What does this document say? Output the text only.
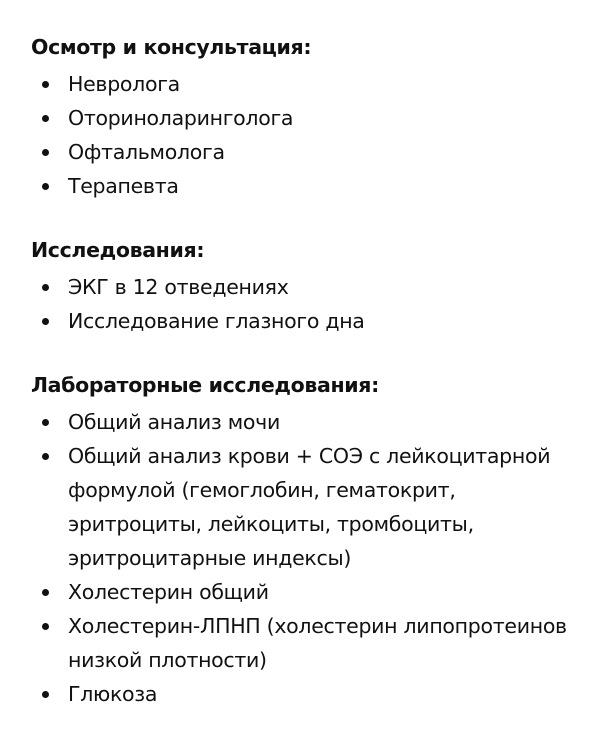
Осмотр и консультация:
Невролога
Оториноларинголога
Офтальмолога
Терапевта
Исследования:
ЭКГ в 12 отведениях
Исследование глазного дна
Лабораторные исследования:
Общий анализ мочи
Общий анализ крови + СОЭ с лейкоцитарной формулой (гемоглобин, гематокрит, эритроциты, лейкоциты, тромбоциты, эритроцитарные индексы)
Холестерин общий
Холестерин-ЛПНП (холестерин липопротеинов низкой плотности)
Глюкоза
